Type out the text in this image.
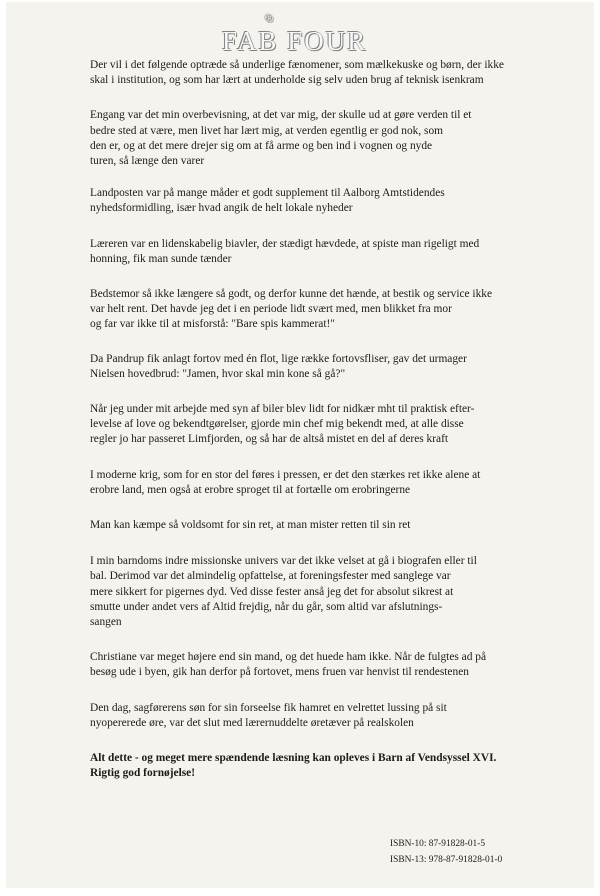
FAB FOUR
®
Der vil i det følgende optræde så underlige fænomener, som mælkekuske og børn, der ikke
skal i institution, og som har lært at underholde sig selv uden brug af teknisk isenkram
Engang var det min overbevisning, at det var mig, der skulle ud at gøre verden til et
bedre sted at være, men livet har lært mig, at verden egentlig er god nok, som
den er, og at det mere drejer sig om at få arme og ben ind i vognen og nyde
turen, så længe den varer
Landposten var på mange måder et godt supplement til Aalborg Amtstidendes
nyhedsformidling, især hvad angik de helt lokale nyheder
Læreren var en lidenskabelig biavler, der stædigt hævdede, at spiste man rigeligt med
honning, fik man sunde tænder
Bedstemor så ikke længere så godt, og derfor kunne det hænde, at bestik og service ikke
var helt rent. Det havde jeg det i en periode lidt svært med, men blikket fra mor
og far var ikke til at misforstå: "Bare spis kammerat!"
Da Pandrup fik anlagt fortov med én flot, lige række fortovsfliser, gav det urmager
Nielsen hovedbrud: "Jamen, hvor skal min kone så gå?"
Når jeg under mit arbejde med syn af biler blev lidt for nidkær mht til praktisk efter-
levelse af love og bekendtgørelser, gjorde min chef mig bekendt med, at alle disse
regler jo har passeret Limfjorden, og så har de altså mistet en del af deres kraft
I moderne krig, som for en stor del føres i pressen, er det den stærkes ret ikke alene at
erobre land, men også at erobre sproget til at fortælle om erobringerne
Man kan kæmpe så voldsomt for sin ret, at man mister retten til sin ret
I min barndoms indre missionske univers var det ikke velset at gå i biografen eller til
bal. Derimod var det almindelig opfattelse, at foreningsfester med sanglege var
mere sikkert for pigernes dyd. Ved disse fester anså jeg det for absolut sikrest at
smutte under andet vers af Altid frejdig, når du går, som altid var afslutnings-
sangen
Christiane var meget højere end sin mand, og det huede ham ikke. Når de fulgtes ad på
besøg ude i byen, gik han derfor på fortovet, mens fruen var henvist til rendestenen
Den dag, sagførerens søn for sin forseelse fik hamret en velrettet lussing på sit
nyopererede øre, var det slut med lærernuddelte øretæver på realskolen
Alt dette - og meget mere spændende læsning kan opleves i Barn af Vendsyssel XVI.
Rigtig god fornøjelse!
ISBN-10: 87-91828-01-5
ISBN-13: 978-87-91828-01-0
